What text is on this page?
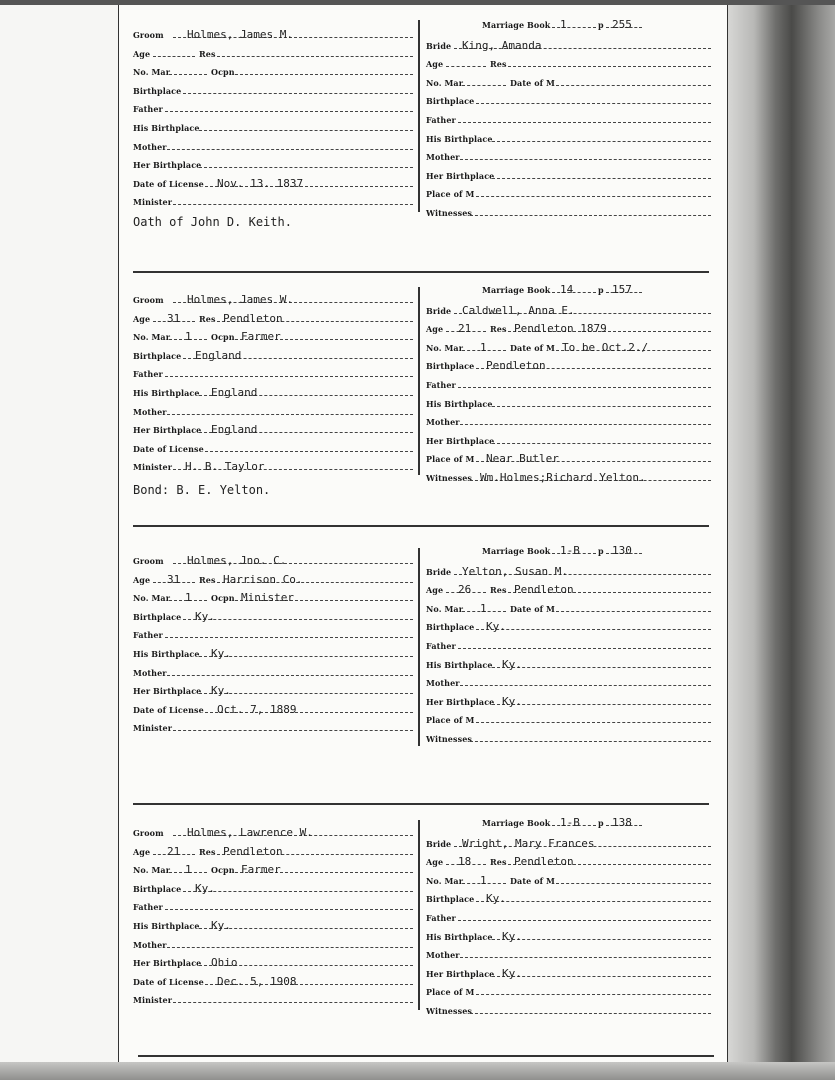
Groom Holmes, James M.
Age	Res
No. Mar	Ocpn
Birthplace
Father
His Birthplace
Mother
Her Birthplace
Date of License Nov. 13. 1837
Minister
Marriage Book 1	p 255
Bride King, Amanda
Age	Res
No. Mar	Date of M
Birthplace
Father
His Birthplace
Mother
Her Birthplace
Place of M
Witnesses
Oath of John D. Keith.
Groom Holmes, James W.
Age 31 Res Pendleton
No. Mar 1 Ocpn Farmer
Birthplace England
Father
His Birthplace England
Mother
Her Birthplace England
Date of License
Minister H. B. Taylor
Marriage Book 14	p 157
Bride Caldwell, Anna E.
Age 21 Res Pendleton 1879
No. Mar 1	Date of M To be Oct.2./
Birthplace Pendleton
Father
His Birthplace
Mother
Her Birthplace
Place of M Near Butler
Witnesses Wm.Holmes;Richard Yelton.
Bond: B. E. Yelton.
Groom Holmes, Jno. C.
Age 31 Res Harrison Co.
No. Mar 1 Ocpn Minister
Birthplace Ky.
Father
His Birthplace Ky.
Mother
Her Birthplace Ky.
Date of License Oct. 7, 1889
Minister
Marriage Book 1-B p 130
Bride Yelton, Susan M.
Age 26 Res Pendleton
No. Mar 1	Date of M
Birthplace Ky.
Father
His Birthplace Ky.
Mother
Her Birthplace Ky.
Place of M
Witnesses
Groom Holmes, Lawrence W.
Age 21 Res Pendleton
No. Mar 1 Ocpn Farmer
Birthplace Ky.
Father
His Birthplace Ky.
Mother
Her Birthplace Ohio
Date of License Dec. 5, 1908
Minister
Marriage Book 1-B p 138
Bride Wright, Mary Frances
Age 18 Res Pendleton
No. Mar 1	Date of M
Birthplace Ky.
Father
His Birthplace Ky.
Mother
Her Birthplace Ky.
Place of M
Witnesses
